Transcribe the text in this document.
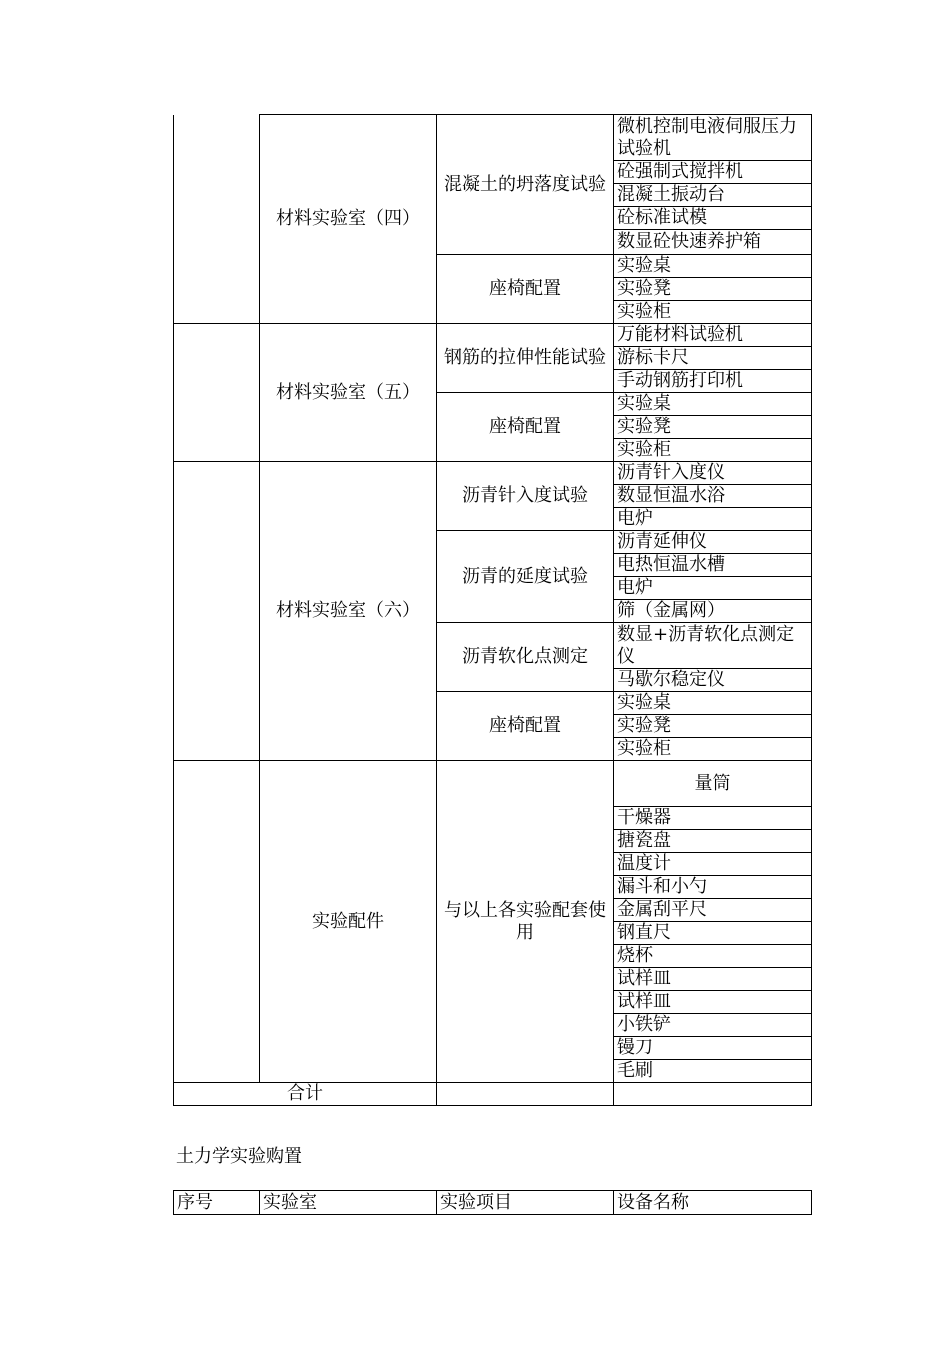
	材料实验室（四）	混凝土的坍落度试验	微机控制电液伺服压力试验机
			砼强制式搅拌机
			混凝土振动台
			砼标准试模
			数显砼快速养护箱
		座椅配置	实验桌
			实验凳
			实验柜
	材料实验室（五）	钢筋的拉伸性能试验	万能材料试验机
			游标卡尺
			手动钢筋打印机
		座椅配置	实验桌
			实验凳
			实验柜
	材料实验室（六）	沥青针入度试验	沥青针入度仪
			数显恒温水浴
			电炉
		沥青的延度试验	沥青延伸仪
			电热恒温水槽
			电炉
			筛（金属网）
		沥青软化点测定	数显+沥青软化点测定仪
			马歇尔稳定仪
		座椅配置	实验桌
			实验凳
			实验柜
	实验配件	与以上各实验配套使用	量筒
			干燥器
			搪瓷盘
			温度计
			漏斗和小勺
			金属刮平尺
			钢直尺
			烧杯
			试样皿
			试样皿
			小铁铲
			镘刀
			毛刷
合计			
土力学实验购置
序号	实验室	实验项目	设备名称
